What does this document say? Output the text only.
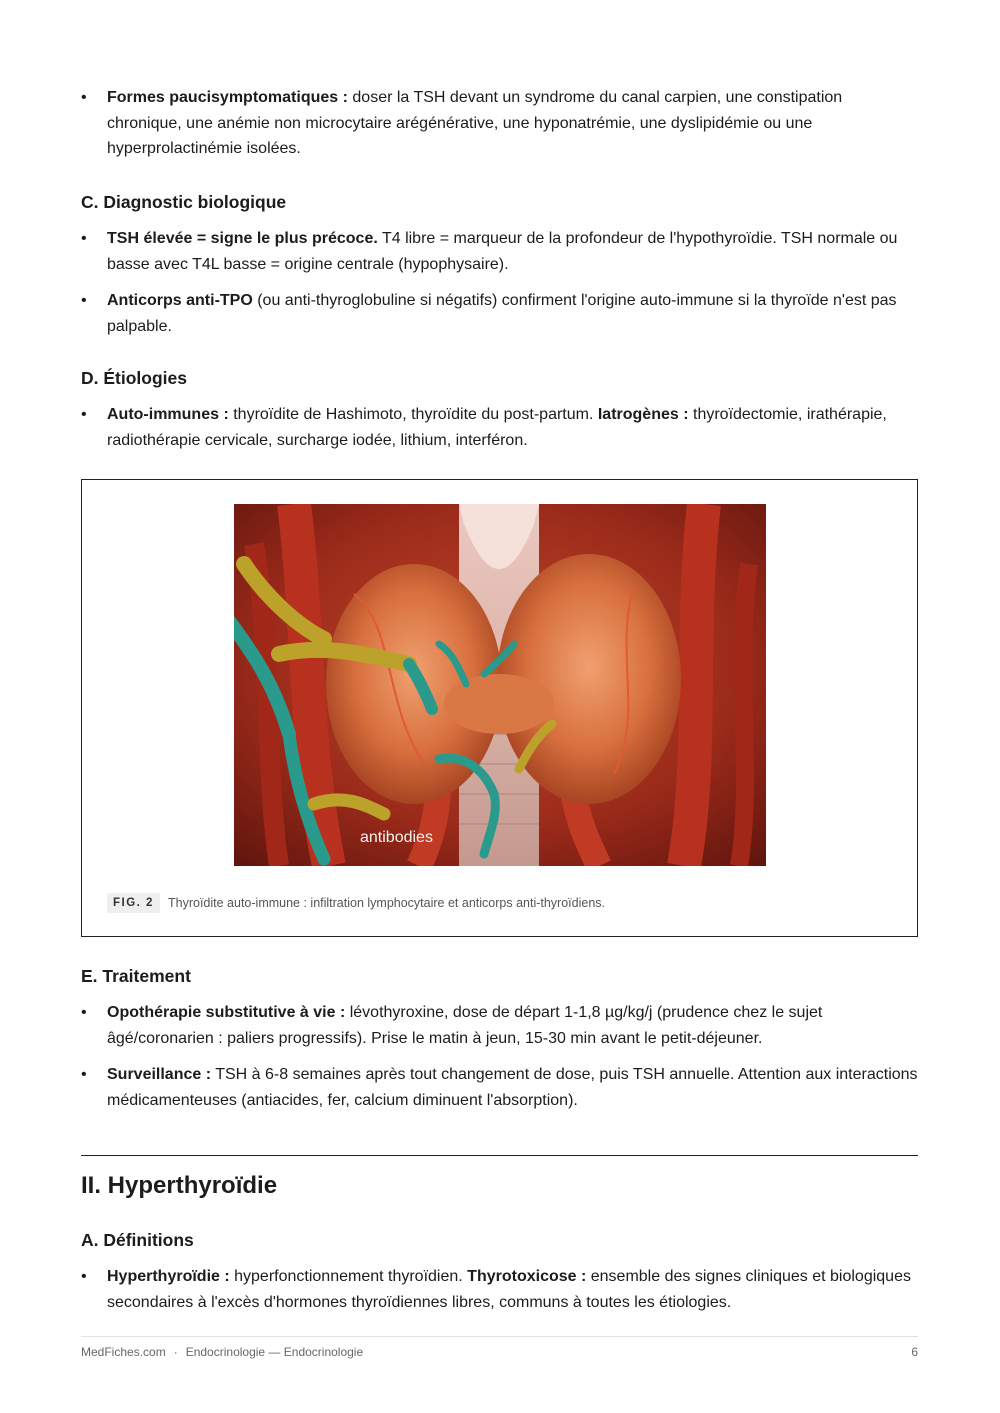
• Formes paucisymptomatiques : doser la TSH devant un syndrome du canal carpien, une constipation chronique, une anémie non microcytaire arégénérative, une hyponatrémie, une dyslipidémie ou une hyperprolactinémie isolées.
C. Diagnostic biologique
• TSH élevée = signe le plus précoce. T4 libre = marqueur de la profondeur de l'hypothyroïdie. TSH normale ou basse avec T4L basse = origine centrale (hypophysaire).
• Anticorps anti-TPO (ou anti-thyroglobuline si négatifs) confirment l'origine auto-immune si la thyroïde n'est pas palpable.
D. Étiologies
• Auto-immunes : thyroïdite de Hashimoto, thyroïdite du post-partum. Iatrogènes : thyroïdectomie, irathérapie, radiothérapie cervicale, surcharge iodée, lithium, interféron.
antibodies
FIG. 2	Thyroïdite auto-immune : infiltration lymphocytaire et anticorps anti-thyroïdiens.
E. Traitement
• Opothérapie substitutive à vie : lévothyroxine, dose de départ 1-1,8 µg/kg/j (prudence chez le sujet âgé/coronarien : paliers progressifs). Prise le matin à jeun, 15-30 min avant le petit-déjeuner.
• Surveillance : TSH à 6-8 semaines après tout changement de dose, puis TSH annuelle. Attention aux interactions médicamenteuses (antiacides, fer, calcium diminuent l'absorption).
II. Hyperthyroïdie
A. Définitions
• Hyperthyroïdie : hyperfonctionnement thyroïdien. Thyrotoxicose : ensemble des signes cliniques et biologiques secondaires à l'excès d'hormones thyroïdiennes libres, communs à toutes les étiologies.
MedFiches.com · Endocrinologie — Endocrinologie	6
